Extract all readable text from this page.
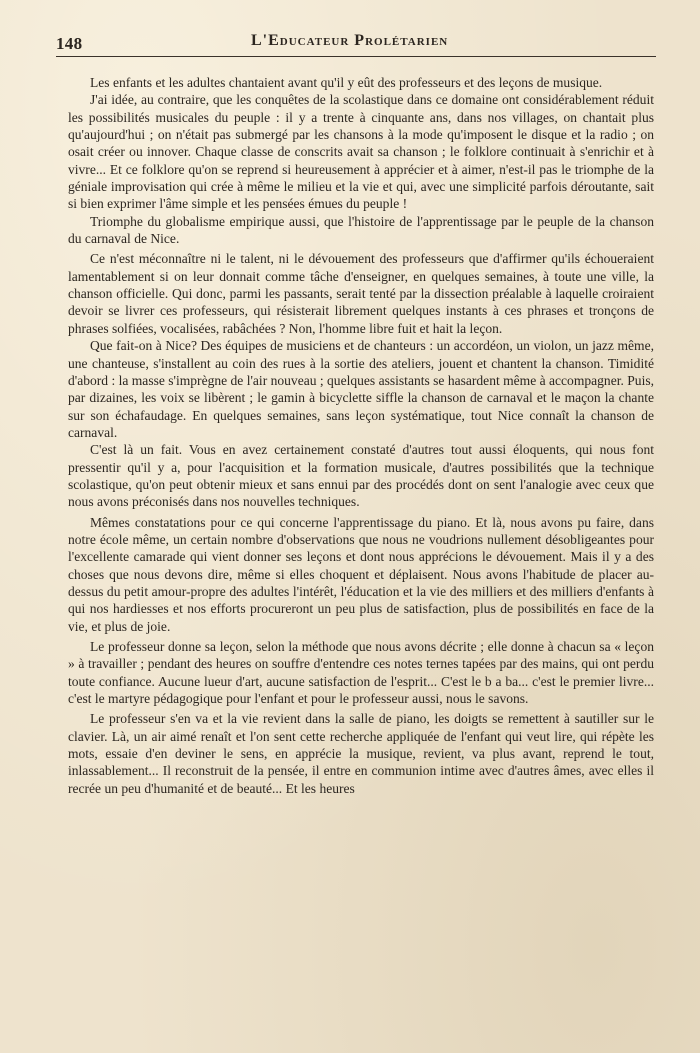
148	L'Educateur Prolétarien

Les enfants et les adultes chantaient avant qu'il y eût des professeurs et des leçons de musique.

J'ai idée, au contraire, que les conquêtes de la scolastique dans ce domaine ont considérablement réduit les possibilités musicales du peuple : il y a trente à cinquante ans, dans nos villages, on chantait plus qu'aujourd'hui ; on n'était pas submergé par les chansons à la mode qu'imposent le disque et la radio ; on osait créer ou innover. Chaque classe de conscrits avait sa chanson ; le folklore continuait à s'enrichir et à vivre... Et ce folklore qu'on se reprend si heureusement à apprécier et à aimer, n'est-il pas le triomphe de la géniale improvisation qui crée à même le milieu et la vie et qui, avec une simplicité parfois déroutante, sait si bien exprimer l'âme simple et les pensées émues du peuple !

Triomphe du globalisme empirique aussi, que l'histoire de l'apprentissage par le peuple de la chanson du carnaval de Nice.

Ce n'est méconnaître ni le talent, ni le dévouement des professeurs que d'affirmer qu'ils échoueraient lamentablement si on leur donnait comme tâche d'enseigner, en quelques semaines, à toute une ville, la chanson officielle. Qui donc, parmi les passants, serait tenté par la dissection préalable à laquelle croiraient devoir se livrer ces professeurs, qui résisterait librement quelques instants à ces phrases et tronçons de phrases solfiées, vocalisées, rabâchées ? Non, l'homme libre fuit et hait la leçon.

Que fait-on à Nice? Des équipes de musiciens et de chanteurs : un accordéon, un violon, un jazz même, une chanteuse, s'installent au coin des rues à la sortie des ateliers, jouent et chantent la chanson. Timidité d'abord : la masse s'imprègne de l'air nouveau ; quelques assistants se hasardent même à accompagner. Puis, par dizaines, les voix se libèrent ; le gamin à bicyclette siffle la chanson de carnaval et le maçon la chante sur son échafaudage. En quelques semaines, sans leçon systématique, tout Nice connaît la chanson de carnaval.

C'est là un fait. Vous en avez certainement constaté d'autres tout aussi éloquents, qui nous font pressentir qu'il y a, pour l'acquisition et la formation musicale, d'autres possibilités que la technique scolastique, qu'on peut obtenir mieux et sans ennui par des procédés dont on sent l'analogie avec ceux que nous avons préconisés dans nos nouvelles techniques.

Mêmes constatations pour ce qui concerne l'apprentissage du piano. Et là, nous avons pu faire, dans notre école même, un certain nombre d'observations que nous ne voudrions nullement désobligeantes pour l'excellente camarade qui vient donner ses leçons et dont nous apprécions le dévouement. Mais il y a des choses que nous devons dire, même si elles choquent et déplaisent. Nous avons l'habitude de placer au-dessus du petit amour-propre des adultes l'intérêt, l'éducation et la vie des milliers et des milliers d'enfants à qui nos hardiesses et nos efforts procureront un peu plus de satisfaction, plus de possibilités en face de la vie, et plus de joie.

Le professeur donne sa leçon, selon la méthode que nous avons décrite ; elle donne à chacun sa « leçon » à travailler ; pendant des heures on souffre d'entendre ces notes ternes tapées par des mains, qui ont perdu toute confiance. Aucune lueur d'art, aucune satisfaction de l'esprit... C'est le b a ba... c'est le premier livre... c'est le martyre pédagogique pour l'enfant et pour le professeur aussi, nous le savons.

Le professeur s'en va et la vie revient dans la salle de piano, les doigts se remettent à sautiller sur le clavier. Là, un air aimé renaît et l'on sent cette recherche appliquée de l'enfant qui veut lire, qui répète les mots, essaie d'en deviner le sens, en apprécie la musique, revient, va plus avant, reprend le tout, inlassablement... Il reconstruit de la pensée, il entre en communion intime avec d'autres âmes, avec elles il recrée un peu d'humanité et de beauté... Et les heures
